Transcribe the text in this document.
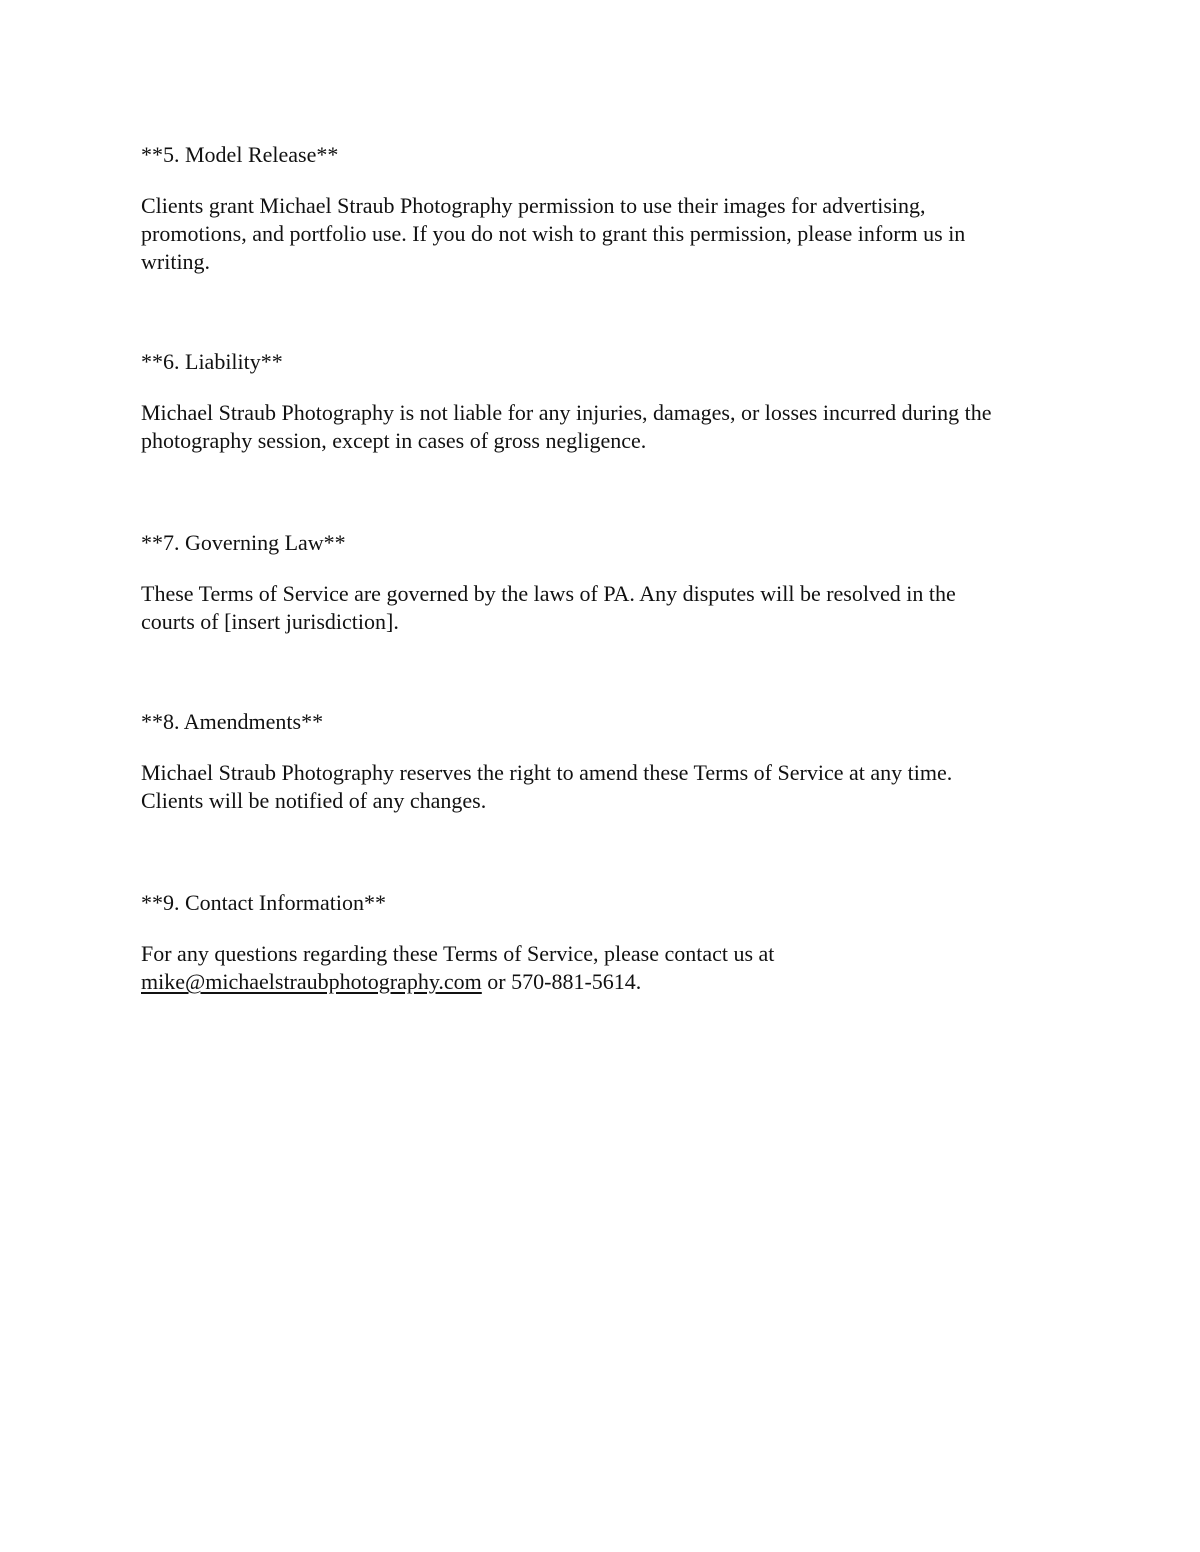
**5. Model Release**
Clients grant Michael Straub Photography permission to use their images for advertising,
promotions, and portfolio use. If you do not wish to grant this permission, please inform us in
writing.
**6. Liability**
Michael Straub Photography is not liable for any injuries, damages, or losses incurred during the
photography session, except in cases of gross negligence.
**7. Governing Law**
These Terms of Service are governed by the laws of PA. Any disputes will be resolved in the
courts of [insert jurisdiction].
**8. Amendments**
Michael Straub Photography reserves the right to amend these Terms of Service at any time.
Clients will be notified of any changes.
**9. Contact Information**
For any questions regarding these Terms of Service, please contact us at
mike@michaelstraubphotography.com or 570-881-5614.
